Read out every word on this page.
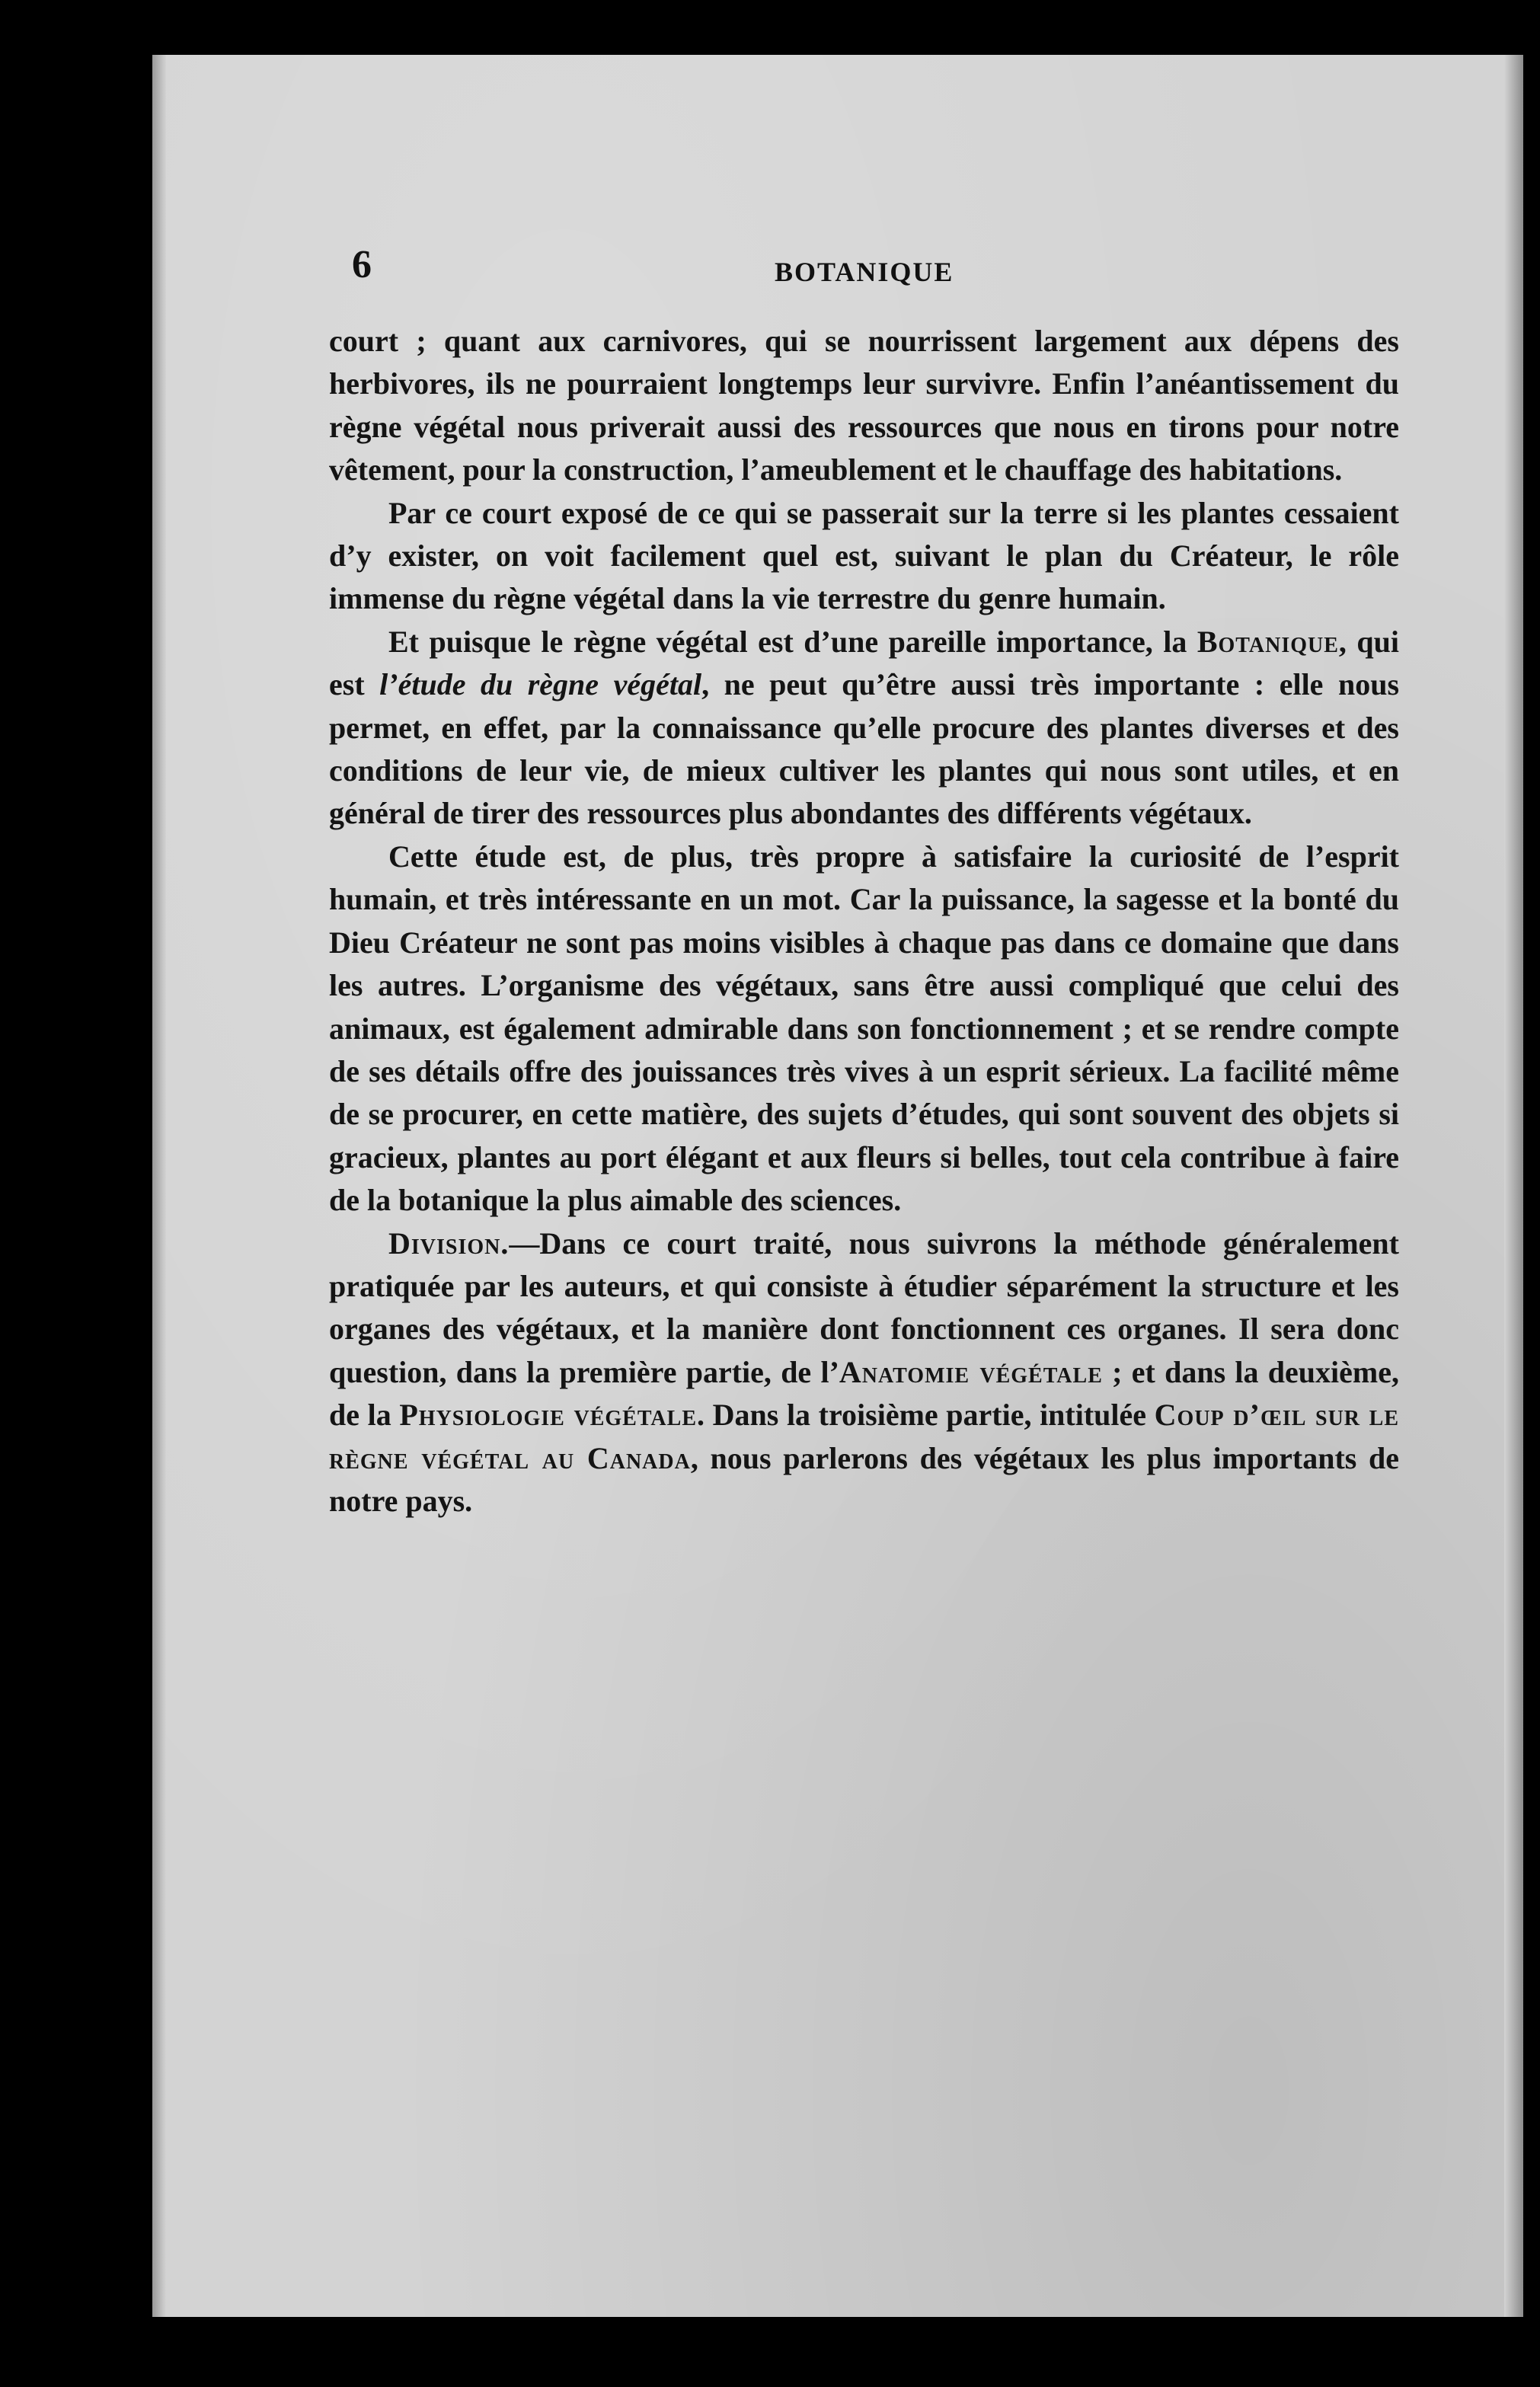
6	BOTANIQUE

court ; quant aux carnivores, qui se nourrissent largement aux dépens des herbivores, ils ne pourraient longtemps leur survivre. Enfin l’anéantissement du règne végétal nous priverait aussi des ressources que nous en tirons pour notre vêtement, pour la construction, l’ameublement et le chauffage des habitations.

Par ce court exposé de ce qui se passerait sur la terre si les plantes cessaient d’y exister, on voit facilement quel est, suivant le plan du Créateur, le rôle immense du règne végétal dans la vie terrestre du genre humain.

Et puisque le règne végétal est d’une pareille importance, la Botanique, qui est l’étude du règne végétal, ne peut qu’être aussi très importante : elle nous permet, en effet, par la connaissance qu’elle procure des plantes diverses et des conditions de leur vie, de mieux cultiver les plantes qui nous sont utiles, et en général de tirer des ressources plus abondantes des différents végétaux.

Cette étude est, de plus, très propre à satisfaire la curiosité de l’esprit humain, et très intéressante en un mot. Car la puissance, la sagesse et la bonté du Dieu Créateur ne sont pas moins visibles à chaque pas dans ce domaine que dans les autres. L’organisme des végétaux, sans être aussi compliqué que celui des animaux, est également admirable dans son fonctionnement ; et se rendre compte de ses détails offre des jouissances très vives à un esprit sérieux. La facilité même de se procurer, en cette matière, des sujets d’études, qui sont souvent des objets si gracieux, plantes au port élégant et aux fleurs si belles, tout cela contribue à faire de la botanique la plus aimable des sciences.

Division.—Dans ce court traité, nous suivrons la méthode généralement pratiquée par les auteurs, et qui consiste à étudier séparément la structure et les organes des végétaux, et la manière dont fonctionnent ces organes. Il sera donc question, dans la première partie, de l’Anatomie végétale ; et dans la deuxième, de la Physiologie végétale. Dans la troisième partie, intitulée Coup d’œil sur le règne végétal au Canada, nous parlerons des végétaux les plus importants de notre pays.
